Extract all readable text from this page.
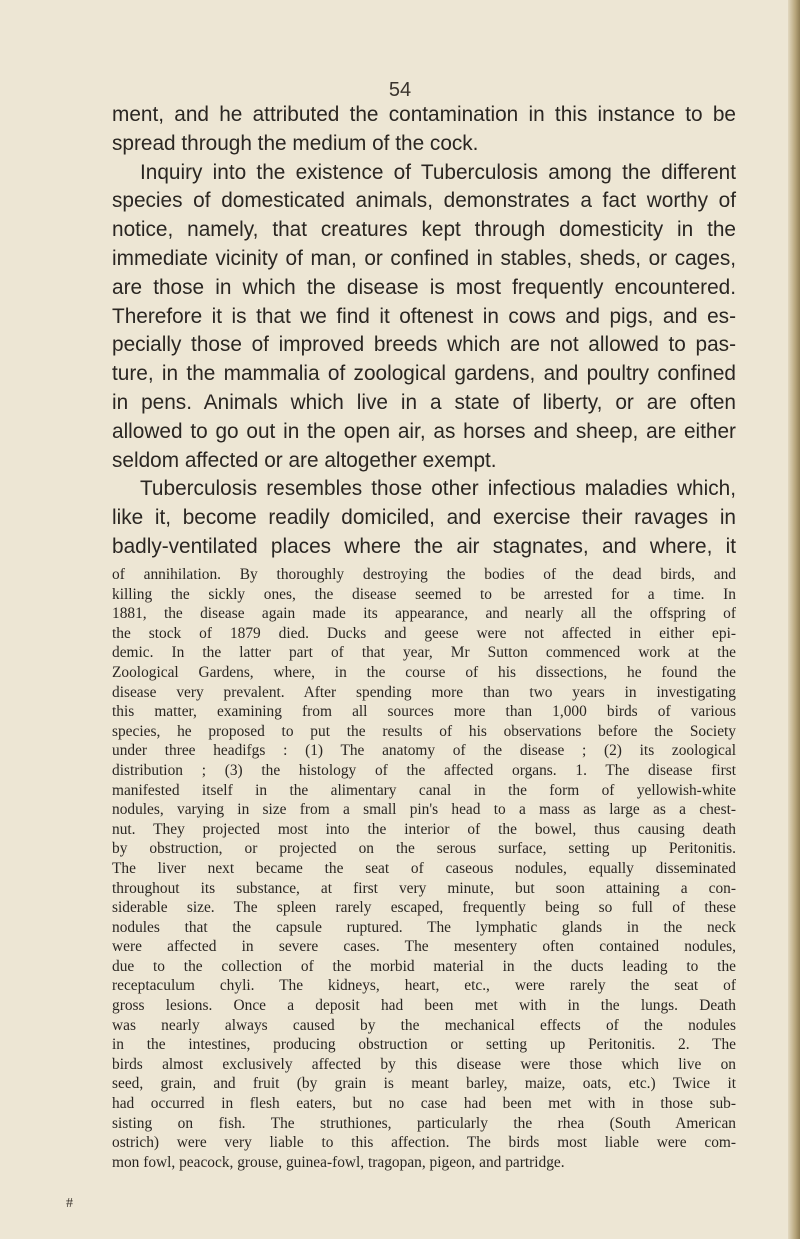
54
ment, and he attributed the contamination in this instance to be
spread through the medium of the cock.
Inquiry into the existence of Tuberculosis among the different
species of domesticated animals, demonstrates a fact worthy of
notice, namely, that creatures kept through domesticity in the
immediate vicinity of man, or confined in stables, sheds, or cages,
are those in which the disease is most frequently encountered.
Therefore it is that we find it oftenest in cows and pigs, and es-
pecially those of improved breeds which are not allowed to pas-
ture, in the mammalia of zoological gardens, and poultry confined
in pens. Animals which live in a state of liberty, or are often
allowed to go out in the open air, as horses and sheep, are either
seldom affected or are altogether exempt.
Tuberculosis resembles those other infectious maladies which,
like it, become readily domiciled, and exercise their ravages in
badly-ventilated places where the air stagnates, and where, it
of annihilation. By thoroughly destroying the bodies of the dead birds, and
killing the sickly ones, the disease seemed to be arrested for a time. In
1881, the disease again made its appearance, and nearly all the offspring of
the stock of 1879 died. Ducks and geese were not affected in either epi-
demic. In the latter part of that year, Mr Sutton commenced work at the
Zoological Gardens, where, in the course of his dissections, he found the
disease very prevalent. After spending more than two years in investigating
this matter, examining from all sources more than 1,000 birds of various
species, he proposed to put the results of his observations before the Society
under three headifgs : (1) The anatomy of the disease ; (2) its zoological
distribution ; (3) the histology of the affected organs. 1. The disease first
manifested itself in the alimentary canal in the form of yellowish-white
nodules, varying in size from a small pin's head to a mass as large as a chest-
nut. They projected most into the interior of the bowel, thus causing death
by obstruction, or projected on the serous surface, setting up Peritonitis.
The liver next became the seat of caseous nodules, equally disseminated
throughout its substance, at first very minute, but soon attaining a con-
siderable size. The spleen rarely escaped, frequently being so full of these
nodules that the capsule ruptured. The lymphatic glands in the neck
were affected in severe cases. The mesentery often contained nodules,
due to the collection of the morbid material in the ducts leading to the
receptaculum chyli. The kidneys, heart, etc., were rarely the seat of
gross lesions. Once a deposit had been met with in the lungs. Death
was nearly always caused by the mechanical effects of the nodules
in the intestines, producing obstruction or setting up Peritonitis. 2. The
birds almost exclusively affected by this disease were those which live on
seed, grain, and fruit (by grain is meant barley, maize, oats, etc.) Twice it
had occurred in flesh eaters, but no case had been met with in those sub-
sisting on fish. The struthiones, particularly the rhea (South American
ostrich) were very liable to this affection. The birds most liable were com-
mon fowl, peacock, grouse, guinea-fowl, tragopan, pigeon, and partridge.
#
